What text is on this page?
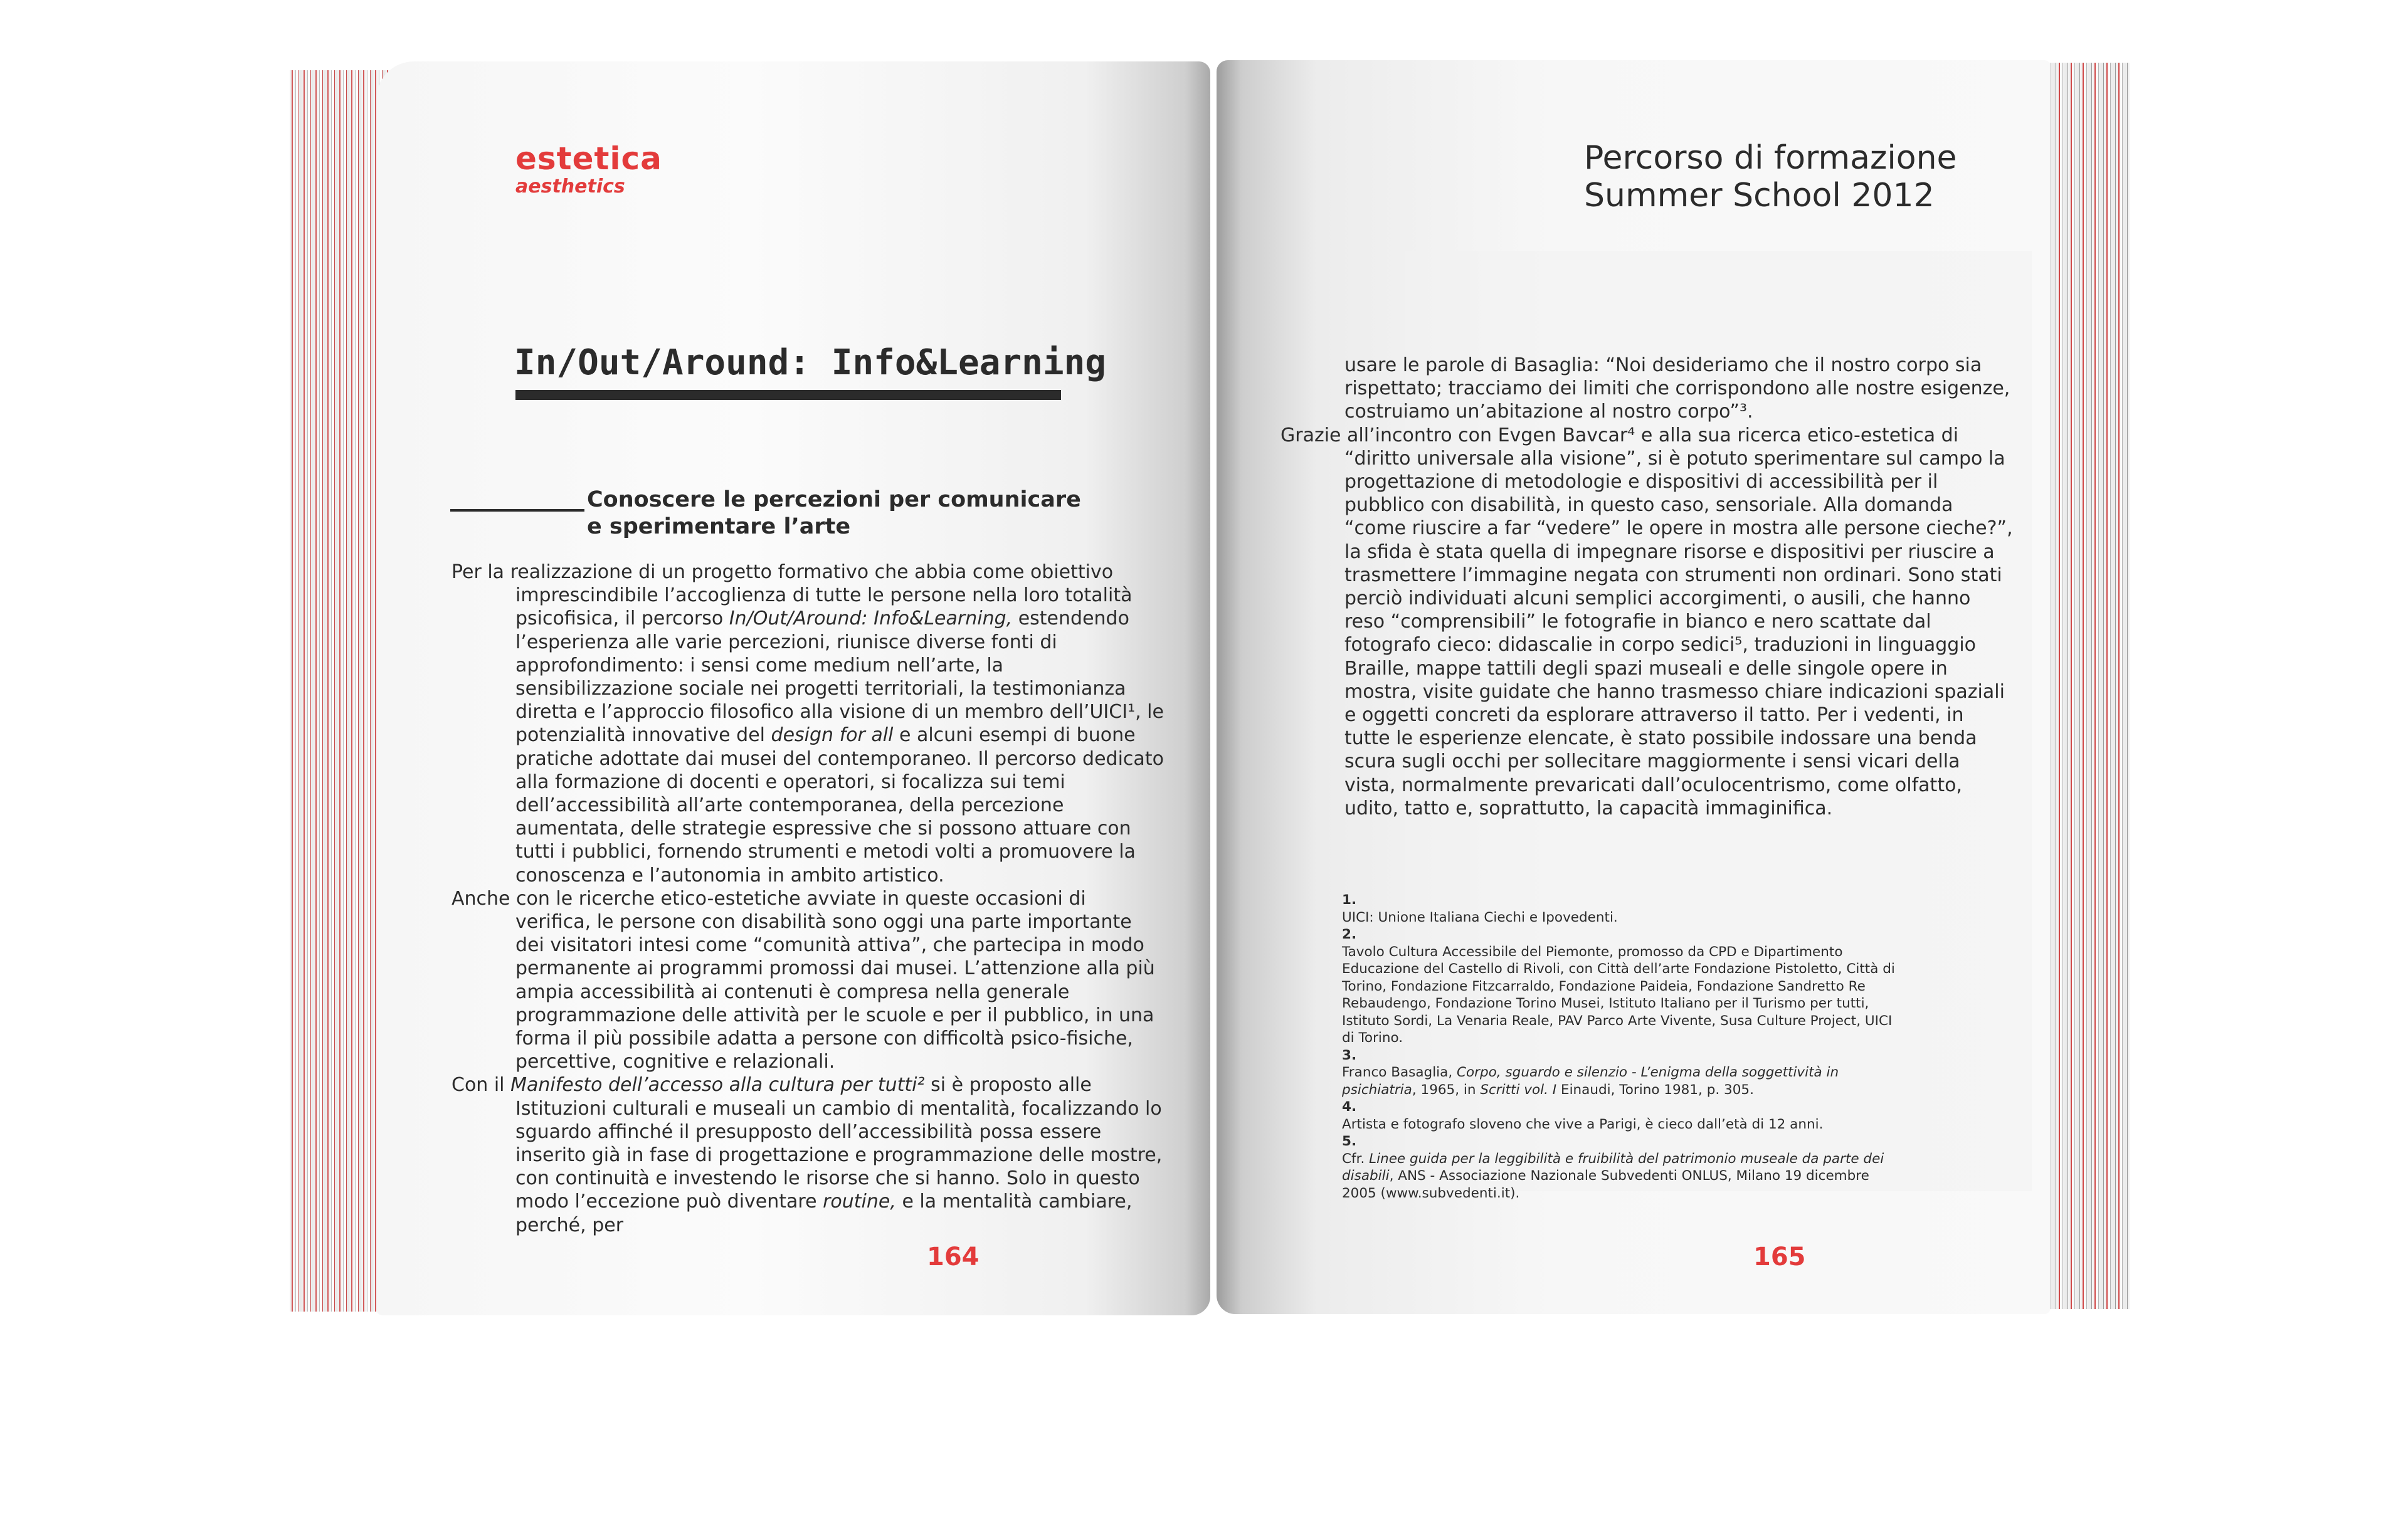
estetica
aesthetics
In/Out/Around: Info&Learning
Conoscere le percezioni per comunicare e sperimentare l’arte

Per la realizzazione di un progetto formativo che abbia come obiettivo imprescindibile l’accoglienza di tutte le persone nella loro totalità psicofisica, il percorso In/Out/Around: Info&Learning, estendendo l’esperienza alle varie percezioni, riunisce diverse fonti di approfondimento: i sensi come medium nell’arte, la sensibilizzazione sociale nei progetti territoriali, la testimonianza diretta e l’approccio filosofico alla visione di un membro dell’UICI¹, le potenzialità innovative del design for all e alcuni esempi di buone pratiche adottate dai musei del contemporaneo. Il percorso dedicato alla formazione di docenti e operatori, si focalizza sui temi dell’accessibilità all’arte contemporanea, della percezione aumentata, delle strategie espressive che si possono attuare con tutti i pubblici, fornendo strumenti e metodi volti a promuovere la conoscenza e l’autonomia in ambito artistico.

Anche con le ricerche etico-estetiche avviate in queste occasioni di verifica, le persone con disabilità sono oggi una parte importante dei visitatori intesi come “comunità attiva”, che partecipa in modo permanente ai programmi promossi dai musei. L’attenzione alla più ampia accessibilità ai contenuti è compresa nella generale programmazione delle attività per le scuole e per il pubblico, in una forma il più possibile adatta a persone con difficoltà psico-fisiche, percettive, cognitive e relazionali.

Con il Manifesto dell’accesso alla cultura per tutti² si è proposto alle Istituzioni culturali e museali un cambio di mentalità, focalizzando lo sguardo affinché il presupposto dell’accessibilità possa essere inserito già in fase di progettazione e programmazione delle mostre, con continuità e investendo le risorse che si hanno. Solo in questo modo l’eccezione può diventare routine, e la mentalità cambiare, perché, per

164
Percorso di formazione
Summer School 2012

usare le parole di Basaglia: “Noi desideriamo che il nostro corpo sia rispettato; tracciamo dei limiti che corrispondono alle nostre esigenze, costruiamo un’abitazione al nostro corpo”³.

Grazie all’incontro con Evgen Bavcar⁴ e alla sua ricerca etico-estetica di “diritto universale alla visione”, si è potuto sperimentare sul campo la progettazione di metodologie e dispositivi di accessibilità per il pubblico con disabilità, in questo caso, sensoriale. Alla domanda “come riuscire a far “vedere” le opere in mostra alle persone cieche?”, la sfida è stata quella di impegnare risorse e dispositivi per riuscire a trasmettere l’immagine negata con strumenti non ordinari. Sono stati perciò individuati alcuni semplici accorgimenti, o ausili, che hanno reso “comprensibili” le fotografie in bianco e nero scattate dal fotografo cieco: didascalie in corpo sedici⁵, traduzioni in linguaggio Braille, mappe tattili degli spazi museali e delle singole opere in mostra, visite guidate che hanno trasmesso chiare indicazioni spaziali e oggetti concreti da esplorare attraverso il tatto. Per i vedenti, in tutte le esperienze elencate, è stato possibile indossare una benda scura sugli occhi per sollecitare maggiormente i sensi vicari della vista, normalmente prevaricati dall’oculocentrismo, come olfatto, udito, tatto e, soprattutto, la capacità immaginifica.

1.
UICI: Unione Italiana Ciechi e Ipovedenti.
2.
Tavolo Cultura Accessibile del Piemonte, promosso da CPD e Dipartimento Educazione del Castello di Rivoli, con Città dell’arte Fondazione Pistoletto, Città di Torino, Fondazione Fitzcarraldo, Fondazione Paideia, Fondazione Sandretto Re Rebaudengo, Fondazione Torino Musei, Istituto Italiano per il Turismo per tutti, Istituto Sordi, La Venaria Reale, PAV Parco Arte Vivente, Susa Culture Project, UICI di Torino.
3.
Franco Basaglia, Corpo, sguardo e silenzio - L’enigma della soggettività in psichiatria, 1965, in Scritti vol. I Einaudi, Torino 1981, p. 305.
4.
Artista e fotografo sloveno che vive a Parigi, è cieco dall’età di 12 anni.
5.
Cfr. Linee guida per la leggibilità e fruibilità del patrimonio museale da parte dei disabili, ANS - Associazione Nazionale Subvedenti ONLUS, Milano 19 dicembre 2005 (www.subvedenti.it).
165
